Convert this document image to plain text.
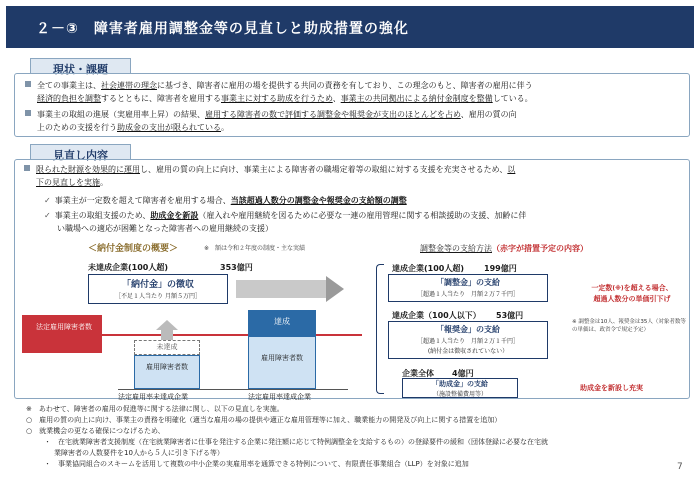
２－③　障害者雇用調整金等の見直しと助成措置の強化
現状・課題
全ての事業主は、社会連帯の理念に基づき、障害者に雇用の場を提供する共同の責務を有しており、この理念のもと、障害者の雇用に伴う
経済的負担を調整するとともに、障害者を雇用する事業主に対する助成を行うため、事業主の共同拠出による納付金制度を整備している。
事業主の取組の進展（実雇用率上昇）の結果、雇用する障害者の数で評価する調整金や報奨金が支出のほとんどを占め、雇用の質の向
上のための支援を行う助成金の支出が限られている。
見直し内容
限られた財源を効果的に運用し、雇用の質の向上に向け、事業主による障害者の職場定着等の取組に対する支援を充実させるため、以
下の見直しを実施。
✓ 事業主が一定数を超えて障害者を雇用する場合、当該超過人数分の調整金や報奨金の支給額の調整
✓ 事業主の取組支援のため、助成金を新設（雇入れや雇用継続を図るために必要な一連の雇用管理に関する相談援助の支援、加齢に伴
い職場への適応が困難となった障害者への雇用継続の支援）
＜納付金制度の概要＞	※　額は令和２年度の制度・主な実績
未達成企業(100人超)	353億円
「納付金」の徴収
［不足１人当たり 月額５万円］
法定雇用障害者数
未達成
雇用障害者数
達成
雇用障害者数
法定雇用率未達成企業	法定雇用率達成企業
調整金等の支給方法（赤字が措置予定の内容）
達成企業(100人超) 199億円
「調整金」の支給
［超過１人当たり　月額２万７千円］
達成企業（100人以下） 53億円
「報奨金」の支給
［超過１人当たり　月額２万１千円］
(納付金は徴収されていない）
企業全体 4億円
「助成金」の支給
（施設整備費用等）
一定数(※)を超える場合、
超過人数分の単価引下げ
※ 調整金は10人、報奨金は35人（対象者数等の単価は、政省令で規定予定）
助成金を新設し充実
※　あわせて、障害者の雇用の促進等に関する法律に関し、以下の見直しを実施。
○　雇用の質の向上に向け、事業主の責務を明確化（適当な雇用の場の提供や適正な雇用管理等に加え、職業能力の開発及び向上に関する措置を追加）
○　就業機会の更なる確保につなげるため、
・　在宅就業障害者支援制度（在宅就業障害者に仕事を発注する企業に発注額に応じて特例調整金を支給するもの）の登録要件の緩和（団体登録に必要な在宅就
業障害者の人数要件を10人から５人に引き下げる等）
・　事業協同組合のスキームを活用して複数の中小企業の実雇用率を通算できる特例について、有限責任事業組合（LLP）を対象に追加	7
